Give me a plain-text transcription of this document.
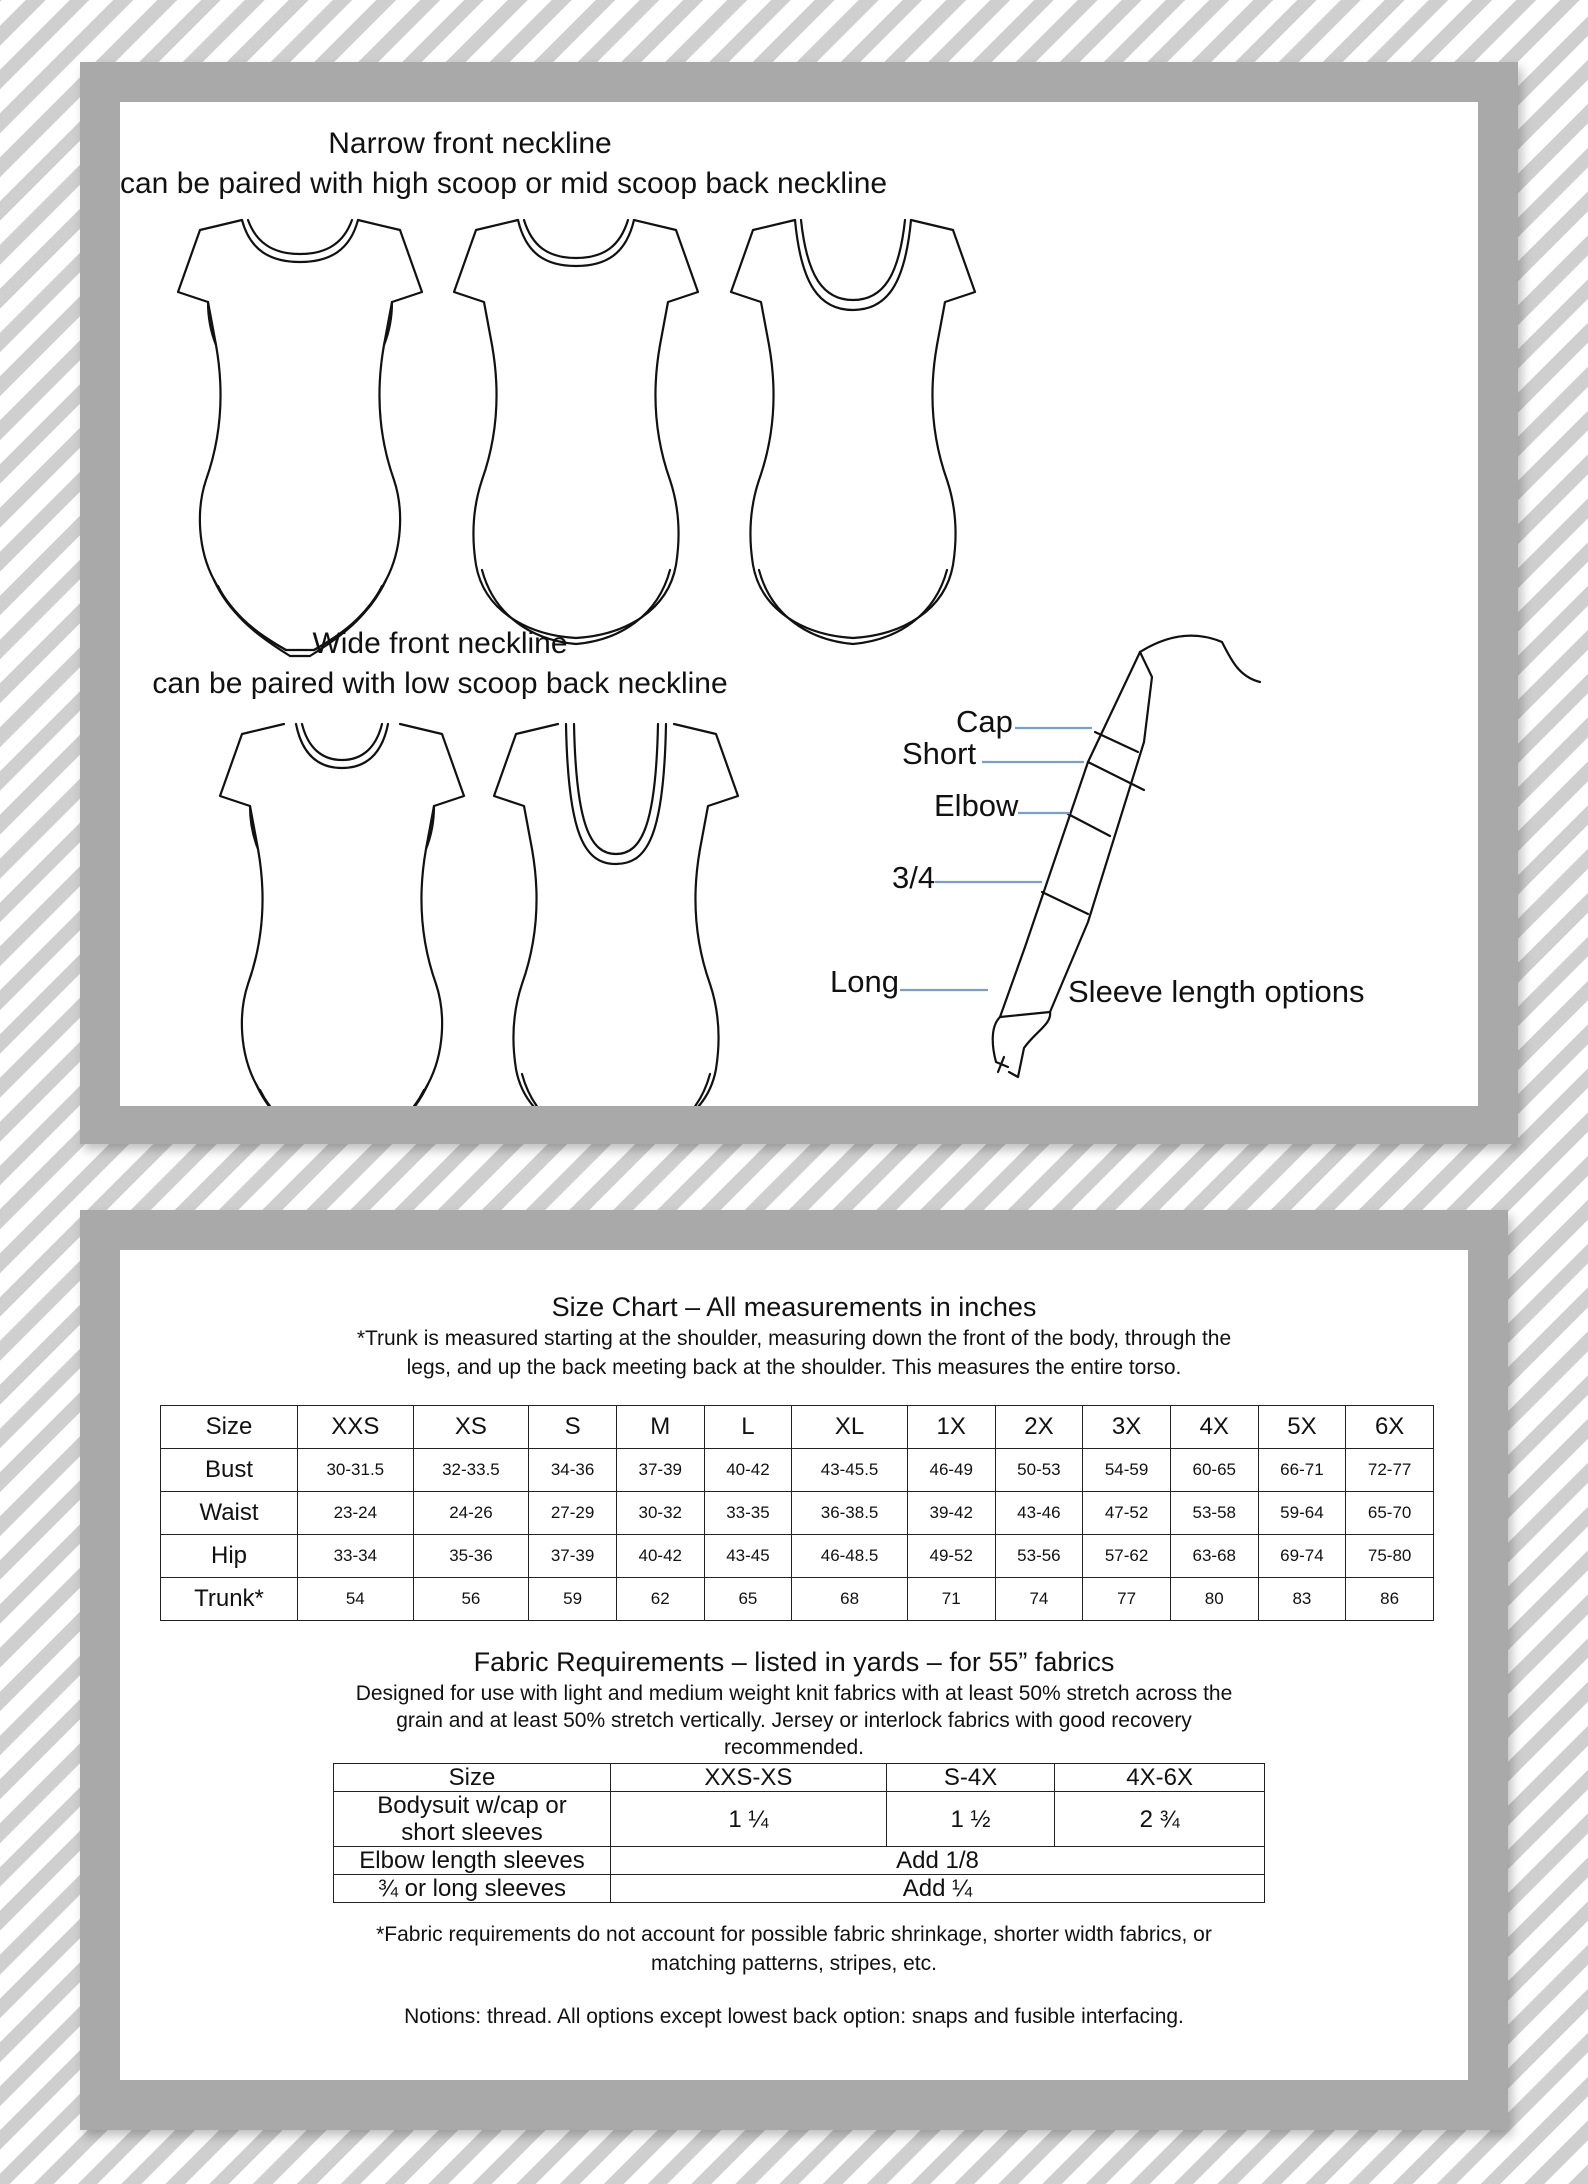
Narrow front neckline
can be paired with high scoop or mid scoop back neckline
Wide front neckline
can be paired with low scoop back neckline
Cap
Short
Elbow
3/4
Long	Sleeve length options
Size Chart – All measurements in inches
*Trunk is measured starting at the shoulder, measuring down the front of the body, through the
legs, and up the back meeting back at the shoulder. This measures the entire torso.
Size	XXS	XS	S	M	L	XL	1X	2X	3X	4X	5X	6X
Bust	30-31.5	32-33.5	34-36	37-39	40-42	43-45.5	46-49	50-53	54-59	60-65	66-71	72-77
Waist	23-24	24-26	27-29	30-32	33-35	36-38.5	39-42	43-46	47-52	53-58	59-64	65-70
Hip	33-34	35-36	37-39	40-42	43-45	46-48.5	49-52	53-56	57-62	63-68	69-74	75-80
Trunk*	54	56	59	62	65	68	71	74	77	80	83	86
Fabric Requirements – listed in yards – for 55” fabrics
Designed for use with light and medium weight knit fabrics with at least 50% stretch across the
grain and at least 50% stretch vertically. Jersey or interlock fabrics with good recovery
recommended.
Size	XXS-XS	S-4X	4X-6X

Bodysuit w/cap or
short sleeves	1 ¼	1 ½	2 ¾
Elbow length sleeves	Add 1/8		
¾ or long sleeves	Add ¼		
*Fabric requirements do not account for possible fabric shrinkage, shorter width fabrics, or
matching patterns, stripes, etc.
Notions: thread. All options except lowest back option: snaps and fusible interfacing.
